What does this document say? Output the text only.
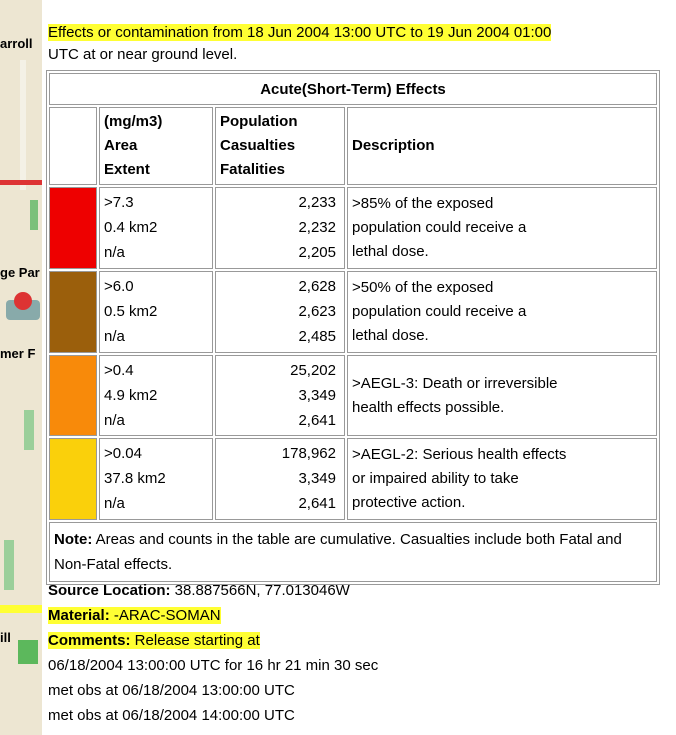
arroll
ge Par
mer F
ill
Effects or contamination from 18 Jun 2004 13:00 UTC to 19 Jun 2004 01:00
UTC at or near ground level.
Acute(Short-Term) Effects			
	(mg/m3)
Area
Extent	Population
Casualties
Fatalities	Description
	>7.3
0.4 km2
n/a	2,233
2,232
2,205	>85% of the exposed
population could receive a
lethal dose.
	>6.0
0.5 km2
n/a	2,628
2,623
2,485	>50% of the exposed
population could receive a
lethal dose.
	>0.4
4.9 km2
n/a	25,202
3,349
2,641	>AEGL-3: Death or irreversible
health effects possible.
	>0.04
37.8 km2
n/a	178,962
3,349
2,641	>AEGL-2: Serious health effects
or impaired ability to take
protective action.
Note: Areas and counts in the table are cumulative. Casualties include both Fatal and Non-Fatal effects.			
Source Location: 38.887566N, 77.013046W
Material: -ARAC-SOMAN
Comments: Release starting at
06/18/2004 13:00:00 UTC for 16 hr 21 min 30 sec
met obs at 06/18/2004 13:00:00 UTC
met obs at 06/18/2004 14:00:00 UTC
